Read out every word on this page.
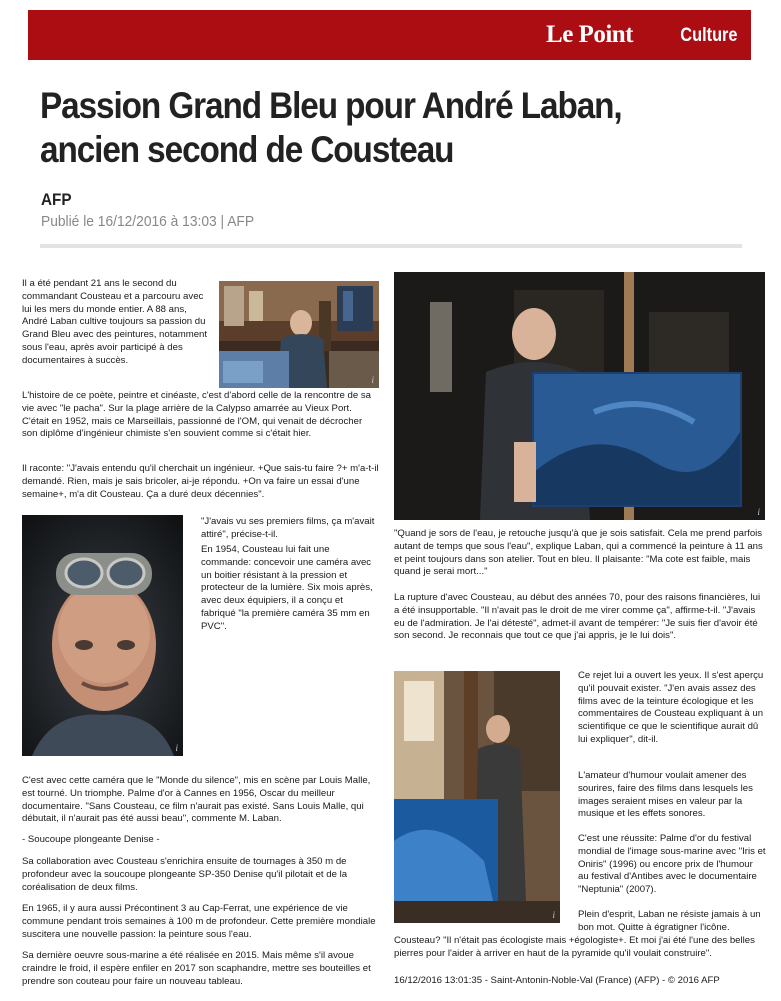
Le Point Culture
Passion Grand Bleu pour André Laban, ancien second de Cousteau
AFP
Publié le 16/12/2016 à 13:03 | AFP

Il a été pendant 21 ans le second du commandant Cousteau et a parcouru avec lui les mers du monde entier. A 88 ans, André Laban cultive toujours sa passion du Grand Bleu avec des peintures, notamment sous l'eau, après avoir participé à des documentaires à succès.

i

L'histoire de ce poète, peintre et cinéaste, c'est d'abord celle de la rencontre de sa vie avec "le pacha". Sur la plage arrière de la Calypso amarrée au Vieux Port. C'était en 1952, mais ce Marseillais, passionné de l'OM, qui venait de décrocher son diplôme d'ingénieur chimiste s'en souvient comme si c'était hier.

Il raconte: "J'avais entendu qu'il cherchait un ingénieur. +Que sais-tu faire ?+ m'a-t-il demandé. Rien, mais je sais bricoler, ai-je répondu. +On va faire un essai d'une semaine+, m'a dit Cousteau. Ça a duré deux décennies".

i

"J'avais vu ses premiers films, ça m'avait attiré", précise-t-il.

En 1954, Cousteau lui fait une commande: concevoir une caméra avec un boitier résistant à la pression et protecteur de la lumière. Six mois après, avec deux équipiers, il a conçu et fabriqué "la première caméra 35 mm en PVC".

C'est avec cette caméra que le "Monde du silence", mis en scène par Louis Malle, est tourné. Un triomphe. Palme d'or à Cannes en 1956, Oscar du meilleur documentaire. "Sans Cousteau, ce film n'aurait pas existé. Sans Louis Malle, qui débutait, il n'aurait pas été aussi beau", commente M. Laban.

- Soucoupe plongeante Denise -

Sa collaboration avec Cousteau s'enrichira ensuite de tournages à 350 m de profondeur avec la soucoupe plongeante SP-350 Denise qu'il pilotait et de la coréalisation de deux films.

En 1965, il y aura aussi Précontinent 3 au Cap-Ferrat, une expérience de vie commune pendant trois semaines à 100 m de profondeur. Cette première mondiale suscitera une nouvelle passion: la peinture sous l'eau.

Sa dernière oeuvre sous-marine a été réalisée en 2015. Mais même s'il avoue craindre le froid, il espère enfiler en 2017 son scaphandre, mettre ses bouteilles et prendre son couteau pour faire un nouveau tableau.

i

"Quand je sors de l'eau, je retouche jusqu'à que je sois satisfait. Cela me prend parfois autant de temps que sous l'eau", explique Laban, qui a commencé la peinture à 11 ans et peint toujours dans son atelier. Tout en bleu. Il plaisante: "Ma cote est faible, mais quand je serai mort..."

La rupture d'avec Cousteau, au début des années 70, pour des raisons financières, lui a été insupportable. "Il n'avait pas le droit de me virer comme ça", affirme-t-il. "J'avais eu de l'admiration. Je l'ai détesté", admet-il avant de tempérer: "Je suis fier d'avoir été son second. Je reconnais que tout ce que j'ai appris, je le lui dois".

i

Ce rejet lui a ouvert les yeux. Il s'est aperçu qu'il pouvait exister. "J'en avais assez des films avec de la teinture écologique et les commentaires de Cousteau expliquant à un scientifique ce que le scientifique aurait dû lui expliquer", dit-il.

L'amateur d'humour voulait amener des sourires, faire des films dans lesquels les images seraient mises en valeur par la musique et les effets sonores.

C'est une réussite: Palme d'or du festival mondial de l'image sous-marine avec "Iris et Oniris" (1996) ou encore prix de l'humour au festival d'Antibes avec le documentaire "Neptunia" (2007).

Plein d'esprit, Laban ne résiste jamais à un bon mot. Quitte à égratigner l'icône.

Cousteau? "Il n'était pas écologiste mais +égologiste+. Et moi j'ai été l'une des belles pierres pour l'aider à arriver en haut de la pyramide qu'il voulait construire".

16/12/2016 13:01:35 - Saint-Antonin-Noble-Val (France) (AFP) - © 2016 AFP
